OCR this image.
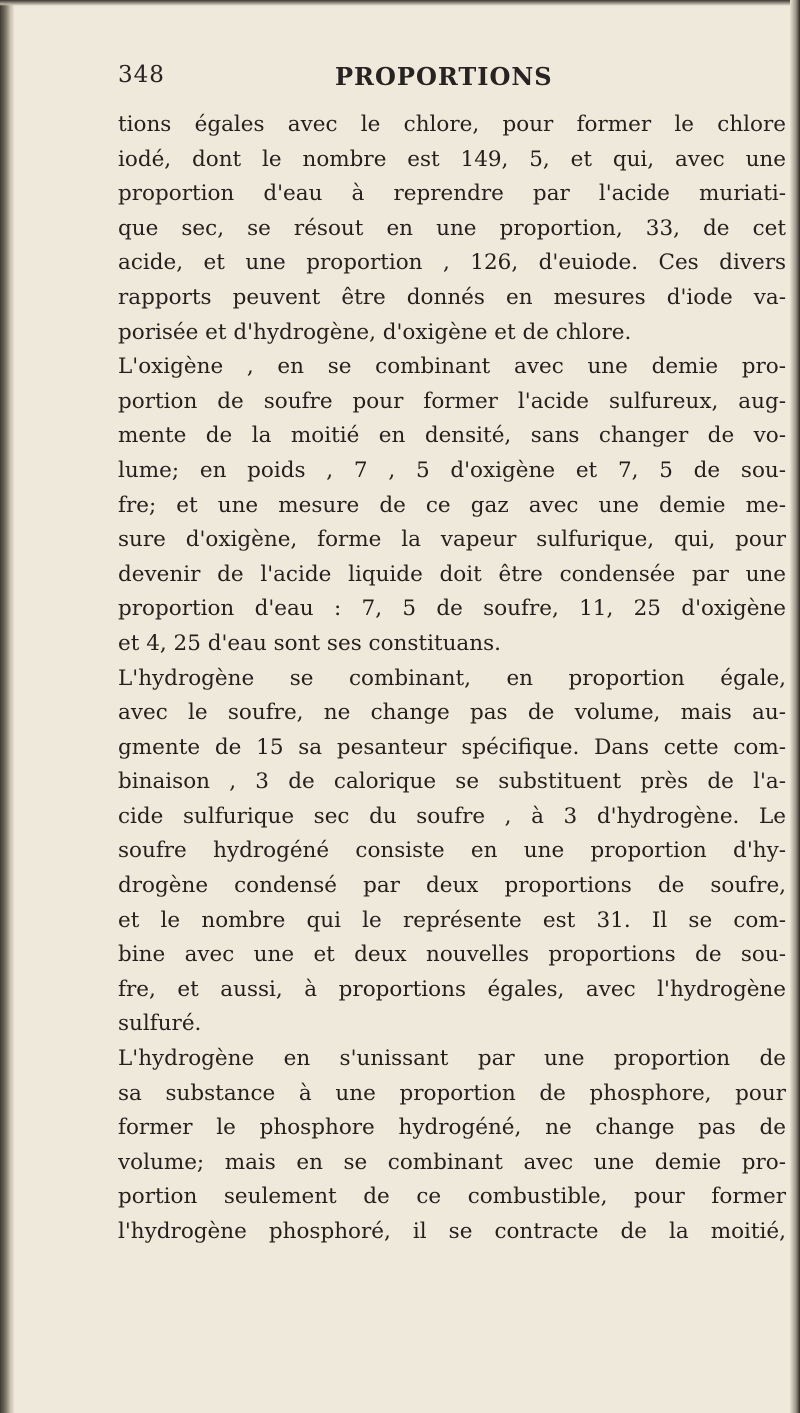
348	PROPORTIONS
tions égales avec le chlore, pour former le chlore
iodé, dont le nombre est 149, 5, et qui, avec une
proportion d'eau à reprendre par l'acide muriati-
que sec, se résout en une proportion, 33, de cet
acide, et une proportion , 126, d'euiode. Ces divers
rapports peuvent être donnés en mesures d'iode va-
porisée et d'hydrogène, d'oxigène et de chlore.
L'oxigène , en se combinant avec une demie pro-
portion de soufre pour former l'acide sulfureux, aug-
mente de la moitié en densité, sans changer de vo-
lume; en poids , 7 , 5 d'oxigène et 7, 5 de sou-
fre; et une mesure de ce gaz avec une demie me-
sure d'oxigène, forme la vapeur sulfurique, qui, pour
devenir de l'acide liquide doit être condensée par une
proportion d'eau : 7, 5 de soufre, 11, 25 d'oxigène
et 4, 25 d'eau sont ses constituans.
L'hydrogène se combinant, en proportion égale,
avec le soufre, ne change pas de volume, mais au-
gmente de 15 sa pesanteur spécifique. Dans cette com-
binaison , 3 de calorique se substituent près de l'a-
cide sulfurique sec du soufre , à 3 d'hydrogène. Le
soufre hydrogéné consiste en une proportion d'hy-
drogène condensé par deux proportions de soufre,
et le nombre qui le représente est 31. Il se com-
bine avec une et deux nouvelles proportions de sou-
fre, et aussi, à proportions égales, avec l'hydrogène
sulfuré.
L'hydrogène en s'unissant par une proportion de
sa substance à une proportion de phosphore, pour
former le phosphore hydrogéné, ne change pas de
volume; mais en se combinant avec une demie pro-
portion seulement de ce combustible, pour former
l'hydrogène phosphoré, il se contracte de la moitié,
